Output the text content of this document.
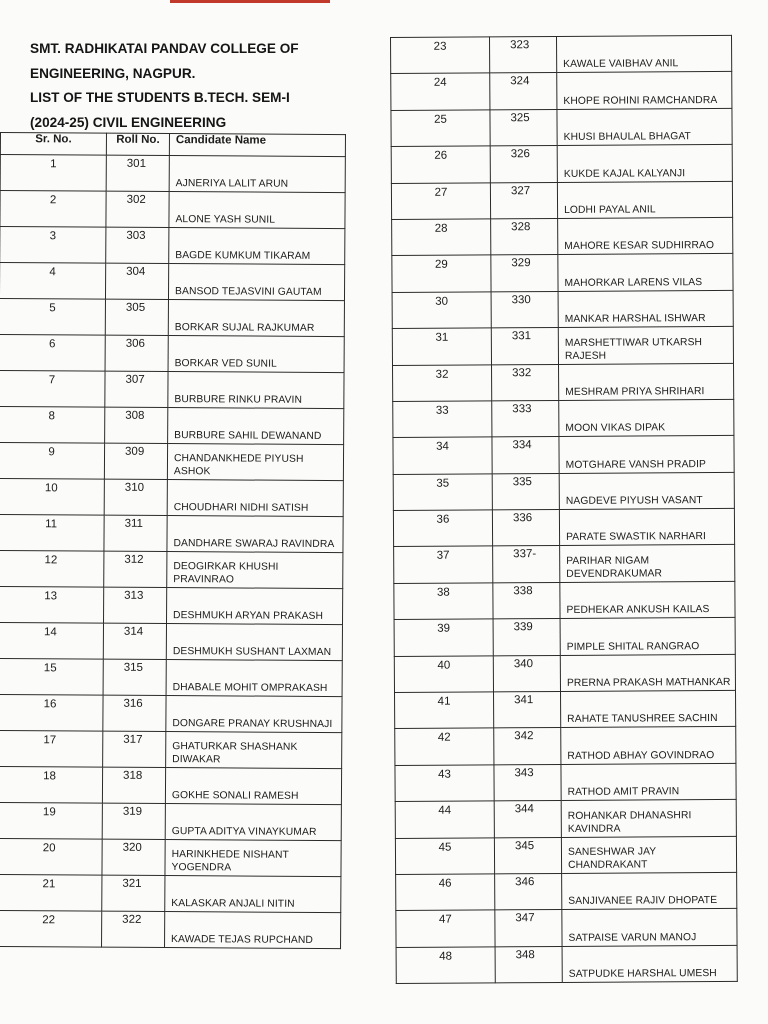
SMT. RADHIKATAI PANDAV COLLEGE OF
ENGINEERING, NAGPUR.
LIST OF THE STUDENTS B.TECH. SEM-I
(2024-25) CIVIL ENGINEERING
Sr. No.	Roll No.	Candidate Name
1	301	AJNERIYA LALIT ARUN
2	302	ALONE YASH SUNIL
3	303	BAGDE KUMKUM TIKARAM
4	304	BANSOD TEJASVINI GAUTAM
5	305	BORKAR SUJAL RAJKUMAR
6	306	BORKAR VED SUNIL
7	307	BURBURE RINKU PRAVIN
8	308	BURBURE SAHIL DEWANAND
9	309	CHANDANKHEDE PIYUSH ASHOK
10	310	CHOUDHARI NIDHI SATISH
11	311	DANDHARE SWARAJ RAVINDRA
12	312	DEOGIRKAR KHUSHI PRAVINRAO
13	313	DESHMUKH ARYAN PRAKASH
14	314	DESHMUKH SUSHANT LAXMAN
15	315	DHABALE MOHIT OMPRAKASH
16	316	DONGARE PRANAY KRUSHNAJI
17	317	GHATURKAR SHASHANK DIWAKAR
18	318	GOKHE SONALI RAMESH
19	319	GUPTA ADITYA VINAYKUMAR
20	320	HARINKHEDE NISHANT YOGENDRA
21	321	KALASKAR ANJALI NITIN
22	322	KAWADE TEJAS RUPCHAND
23	323	KAWALE VAIBHAV ANIL
24	324	KHOPE ROHINI RAMCHANDRA
25	325	KHUSI BHAULAL BHAGAT
26	326	KUKDE KAJAL KALYANJI
27	327	LODHI PAYAL ANIL
28	328	MAHORE KESAR SUDHIRRAO
29	329	MAHORKAR LARENS VILAS
30	330	MANKAR HARSHAL ISHWAR
31	331	MARSHETTIWAR UTKARSH RAJESH
32	332	MESHRAM PRIYA SHRIHARI
33	333	MOON VIKAS DIPAK
34	334	MOTGHARE VANSH PRADIP
35	335	NAGDEVE PIYUSH VASANT
36	336	PARATE SWASTIK NARHARI
37	337-	PARIHAR NIGAM DEVENDRAKUMAR
38	338	PEDHEKAR ANKUSH KAILAS
39	339	PIMPLE SHITAL RANGRAO
40	340	PRERNA PRAKASH MATHANKAR
41	341	RAHATE TANUSHREE SACHIN
42	342	RATHOD ABHAY GOVINDRAO
43	343	RATHOD AMIT PRAVIN
44	344	ROHANKAR DHANASHRI KAVINDRA
45	345	SANESHWAR JAY CHANDRAKANT
46	346	SANJIVANEE RAJIV DHOPATE
47	347	SATPAISE VARUN MANOJ
48	348	SATPUDKE HARSHAL UMESH
